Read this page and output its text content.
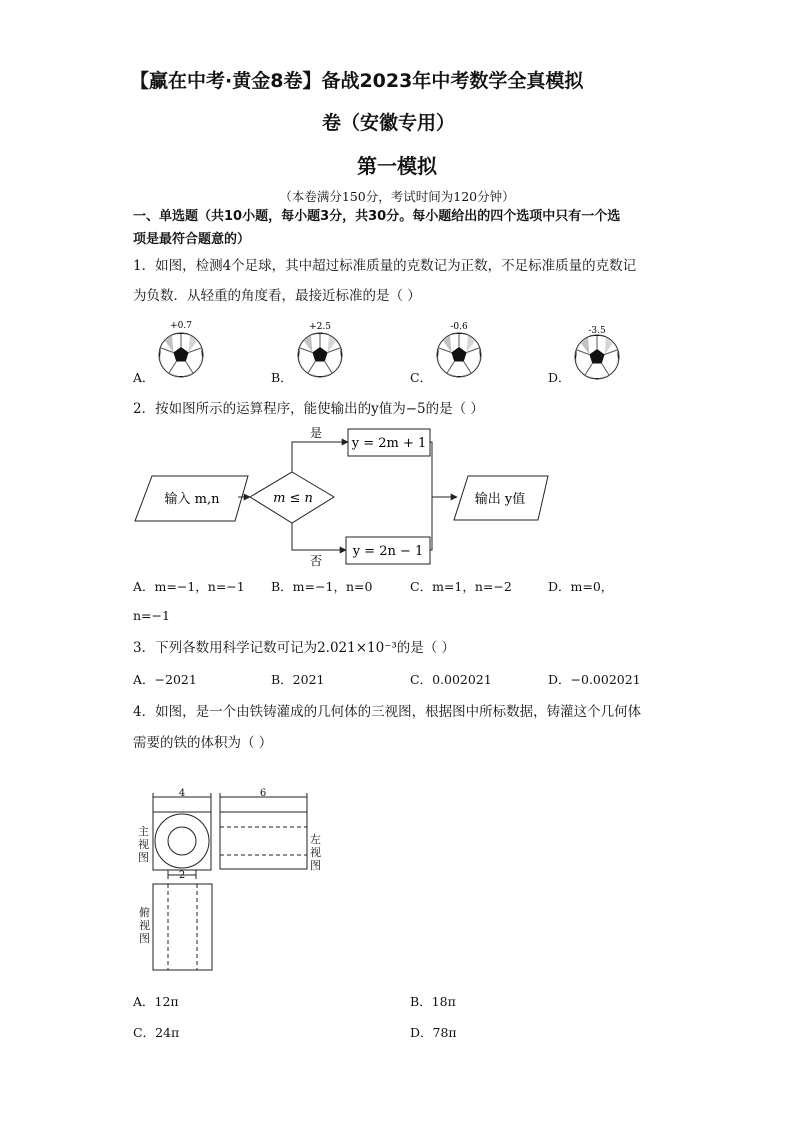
【赢在中考·黄金8卷】备战2023年中考数学全真模拟
卷（安徽专用）
第一模拟
（本卷满分150分，考试时间为120分钟）
一、单选题（共10小题，每小题3分，共30分。每小题给出的四个选项中只有一个选
项是最符合题意的）
1．如图，检测4个足球，其中超过标准质量的克数记为正数，不足标准质量的克数记
为负数．从轻重的角度看，最接近标准的是（ ）
+0.7	+2.5	-0.6	-3.5
A．	B．	C．	D．
2．按如图所示的运算程序，能使输出的y值为−5的是（ ）
输入 m,n	m ≤ n
y = 2m + 1
y = 2n − 1
输出 y值
是
否
A．m=−1，n=−1 B．m=−1，n=0	C．m=1，n=−2	D．m=0，
n=−1
3．下列各数用科学记数可记为2.021×10⁻³的是（ ）
A．−2021	B．2021	C．0.002021	D．−0.002021
4．如图，是一个由铁铸灌成的几何体的三视图，根据图中所标数据，铸灌这个几何体
需要的铁的体积为（ ）
4	6
2
主视图
左视图
俯视图
A．12π	B．18π
C．24π	D．78π
